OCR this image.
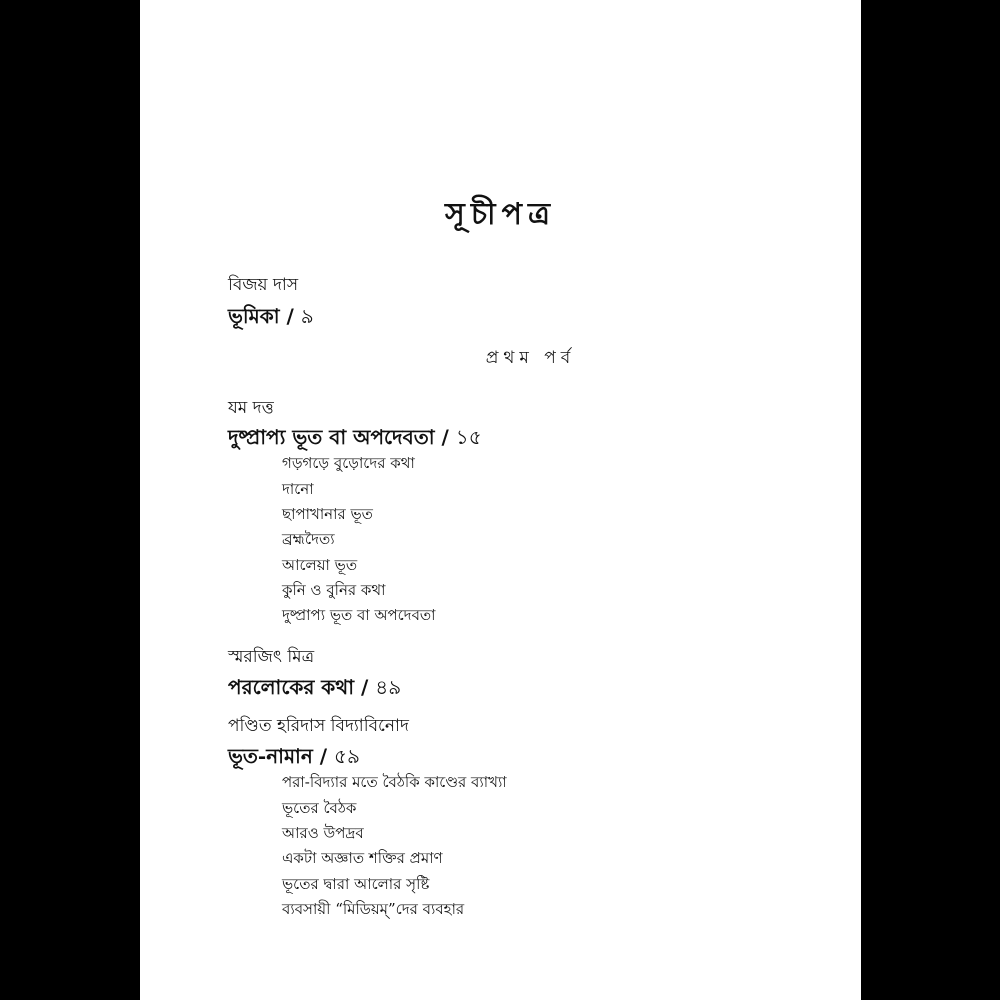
সূচীপত্র
বিজয় দাস
ভূমিকা / ৯
প্রথম পর্ব
যম দত্ত
দুষ্প্রাপ্য ভূত বা অপদেবতা / ১৫
গড়গড়ে বুড়োদের কথা
দানো
ছাপাখানার ভূত
ব্রহ্মদৈত্য
আলেয়া ভূত
কুনি ও বুনির কথা
দুষ্প্রাপ্য ভূত বা অপদেবতা
স্মরজিৎ মিত্র
পরলোকের কথা / ৪৯
পণ্ডিত হরিদাস বিদ্যাবিনোদ
ভূত-নামান / ৫৯
পরা-বিদ্যার মতে বৈঠকি কাণ্ডের ব্যাখ্যা
ভূতের বৈঠক
আরও উপদ্রব
একটা অজ্ঞাত শক্তির প্রমাণ
ভূতের দ্বারা আলোর সৃষ্টি
ব্যবসায়ী “মিডিয়ম্”দের ব্যবহার
